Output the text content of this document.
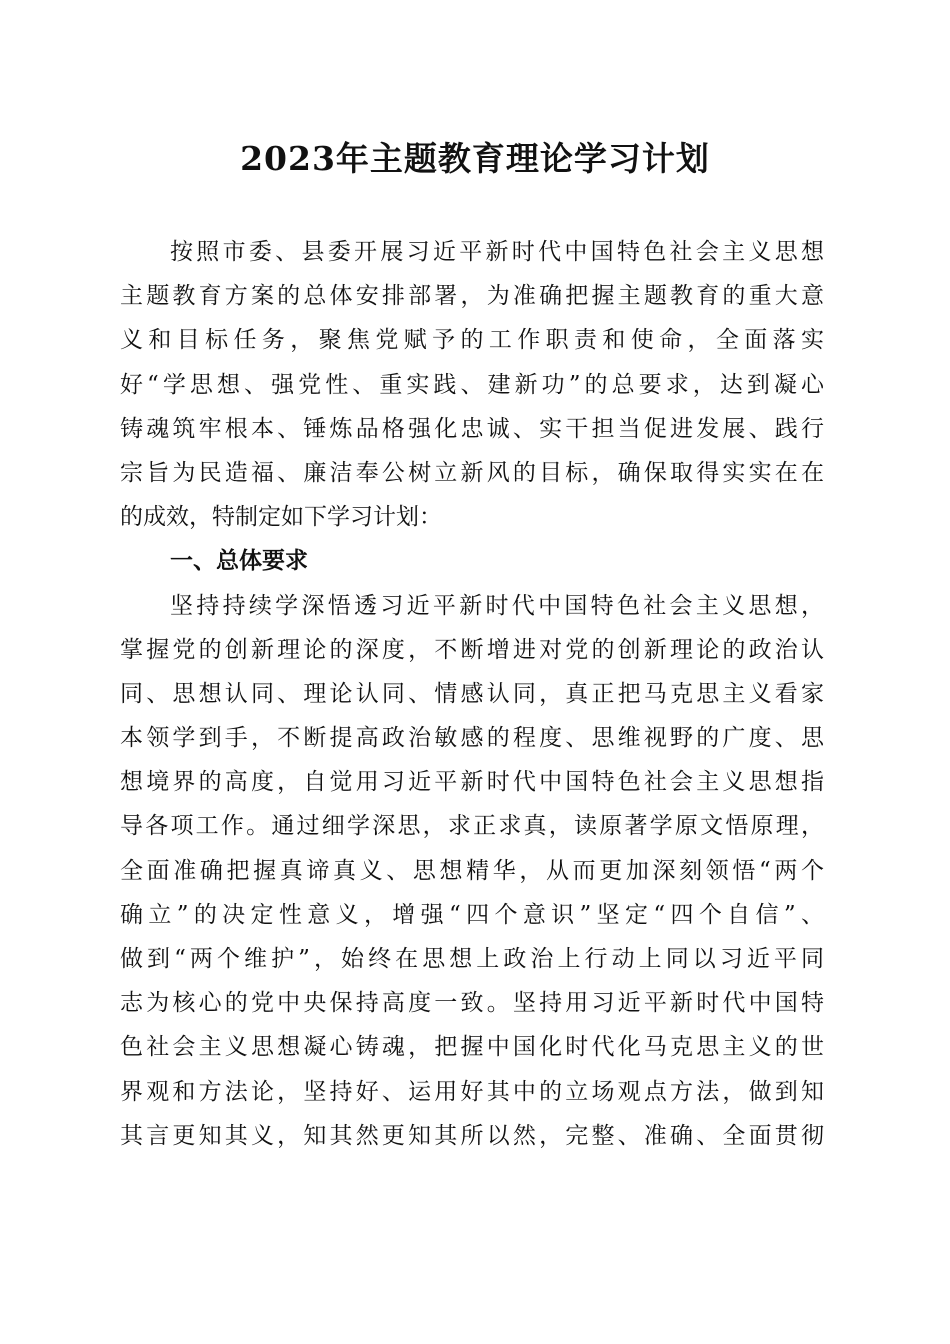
2023年主题教育理论学习计划
按照市委、县委开展习近平新时代中国特色社会主义思想
主题教育方案的总体安排部署，为准确把握主题教育的重大意
义和目标任务，聚焦党赋予的工作职责和使命，全面落实
好“学思想、强党性、重实践、建新功”的总要求，达到凝心
铸魂筑牢根本、锤炼品格强化忠诚、实干担当促进发展、践行
宗旨为民造福、廉洁奉公树立新风的目标，确保取得实实在在
的成效，特制定如下学习计划：
一、总体要求
坚持持续学深悟透习近平新时代中国特色社会主义思想，
掌握党的创新理论的深度，不断增进对党的创新理论的政治认
同、思想认同、理论认同、情感认同，真正把马克思主义看家
本领学到手，不断提高政治敏感的程度、思维视野的广度、思
想境界的高度，自觉用习近平新时代中国特色社会主义思想指
导各项工作。通过细学深思，求正求真，读原著学原文悟原理，
全面准确把握真谛真义、思想精华，从而更加深刻领悟“两个
确立”的决定性意义，增强“四个意识”坚定“四个自信”、
做到“两个维护”，始终在思想上政治上行动上同以习近平同
志为核心的党中央保持高度一致。坚持用习近平新时代中国特
色社会主义思想凝心铸魂，把握中国化时代化马克思主义的世
界观和方法论，坚持好、运用好其中的立场观点方法，做到知
其言更知其义，知其然更知其所以然，完整、准确、全面贯彻
